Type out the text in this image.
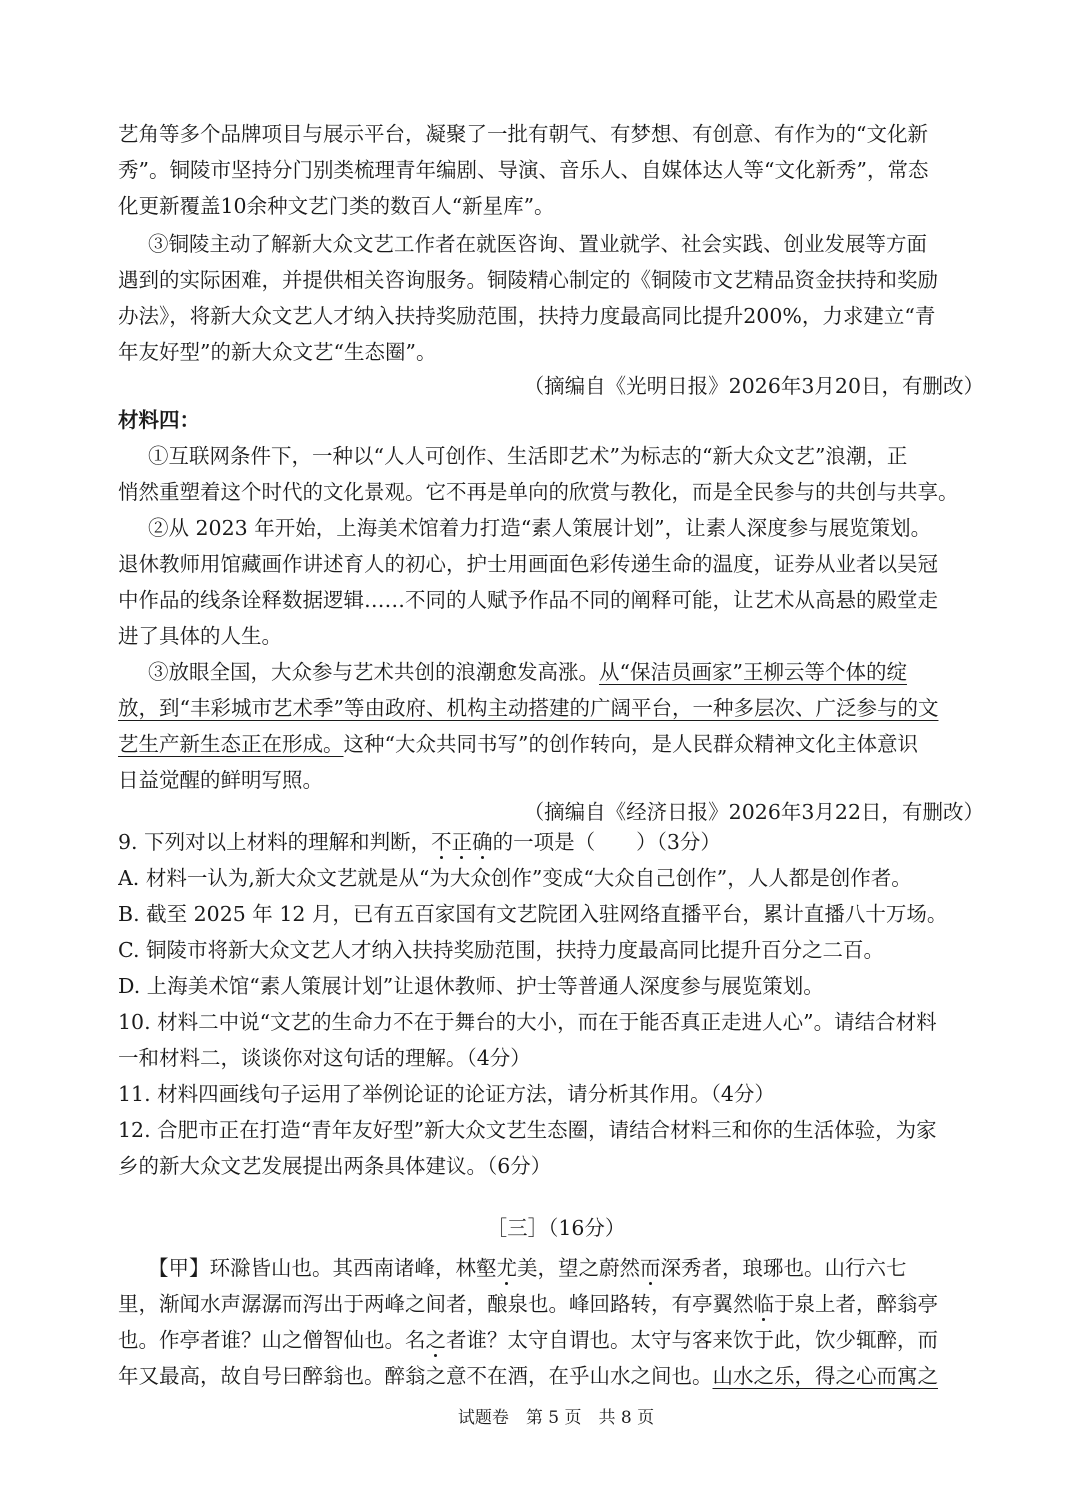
艺角等多个品牌项目与展示平台，凝聚了一批有朝气、有梦想、有创意、有作为的“文化新
秀”。铜陵市坚持分门别类梳理青年编剧、导演、音乐人、自媒体达人等“文化新秀”，常态
化更新覆盖10余种文艺门类的数百人“新星库”。
③铜陵主动了解新大众文艺工作者在就医咨询、置业就学、社会实践、创业发展等方面
遇到的实际困难，并提供相关咨询服务。铜陵精心制定的《铜陵市文艺精品资金扶持和奖励
办法》，将新大众文艺人才纳入扶持奖励范围，扶持力度最高同比提升200%，力求建立“青
年友好型”的新大众文艺“生态圈”。
（摘编自《光明日报》2026年3月20日，有删改）
材料四：
①互联网条件下，一种以“人人可创作、生活即艺术”为标志的“新大众文艺”浪潮，正
悄然重塑着这个时代的文化景观。它不再是单向的欣赏与教化，而是全民参与的共创与共享。
②从 2023 年开始，上海美术馆着力打造“素人策展计划”，让素人深度参与展览策划。
退休教师用馆藏画作讲述育人的初心，护士用画面色彩传递生命的温度，证券从业者以吴冠
中作品的线条诠释数据逻辑……不同的人赋予作品不同的阐释可能，让艺术从高悬的殿堂走
进了具体的人生。
③放眼全国，大众参与艺术共创的浪潮愈发高涨。从“保洁员画家”王柳云等个体的绽
放，到“丰彩城市艺术季”等由政府、机构主动搭建的广阔平台，一种多层次、广泛参与的文
艺生产新生态正在形成。这种“大众共同书写”的创作转向，是人民群众精神文化主体意识
日益觉醒的鲜明写照。
（摘编自《经济日报》2026年3月22日，有删改）
9. 下列对以上材料的理解和判断，不正确的一项是（　　）（3分）
A. 材料一认为,新大众文艺就是从“为大众创作”变成“大众自己创作”，人人都是创作者。
B. 截至 2025 年 12 月，已有五百家国有文艺院团入驻网络直播平台，累计直播八十万场。
C. 铜陵市将新大众文艺人才纳入扶持奖励范围，扶持力度最高同比提升百分之二百。
D. 上海美术馆“素人策展计划”让退休教师、护士等普通人深度参与展览策划。
10. 材料二中说“文艺的生命力不在于舞台的大小，而在于能否真正走进人心”。请结合材料
一和材料二，谈谈你对这句话的理解。（4分）
11. 材料四画线句子运用了举例论证的论证方法，请分析其作用。（4分）
12. 合肥市正在打造“青年友好型”新大众文艺生态圈，请结合材料三和你的生活体验，为家
乡的新大众文艺发展提出两条具体建议。（6分）
［三］（16分）
【甲】环滁皆山也。其西南诸峰，林壑尤美，望之蔚然而深秀者，琅琊也。山行六七
里，渐闻水声潺潺而泻出于两峰之间者，酿泉也。峰回路转，有亭翼然临于泉上者，醉翁亭
也。作亭者谁？山之僧智仙也。名之者谁？太守自谓也。太守与客来饮于此，饮少辄醉，而
年又最高，故自号曰醉翁也。醉翁之意不在酒，在乎山水之间也。山水之乐，得之心而寓之
试题卷　第 5 页　共 8 页
